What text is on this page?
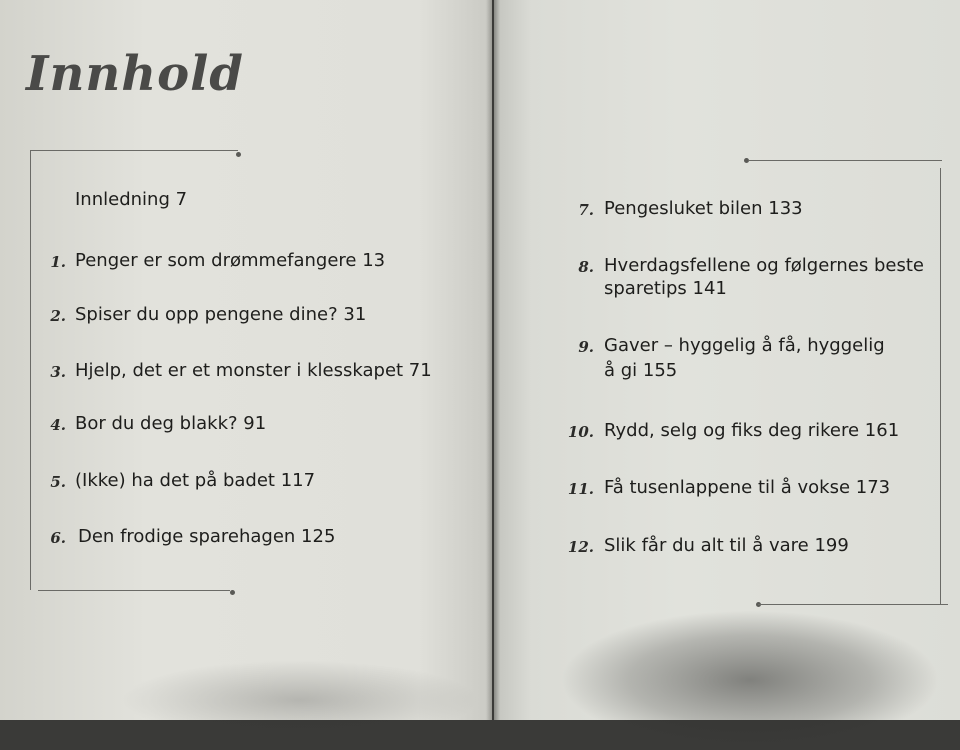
Innhold
Innledning 7
1. Penger er som drømmefangere 13
2. Spiser du opp pengene dine? 31
3. Hjelp, det er et monster i klesskapet 71
4. Bor du deg blakk? 91
5. (Ikke) ha det på badet 117
6. Den frodige sparehagen 125
7. Pengesluket bilen 133
8. Hverdagsfellene og følgernes beste
sparetips 141
9. Gaver – hyggelig å få, hyggelig
å gi 155
10. Rydd, selg og fiks deg rikere 161
11. Få tusenlappene til å vokse 173
12. Slik får du alt til å vare 199
